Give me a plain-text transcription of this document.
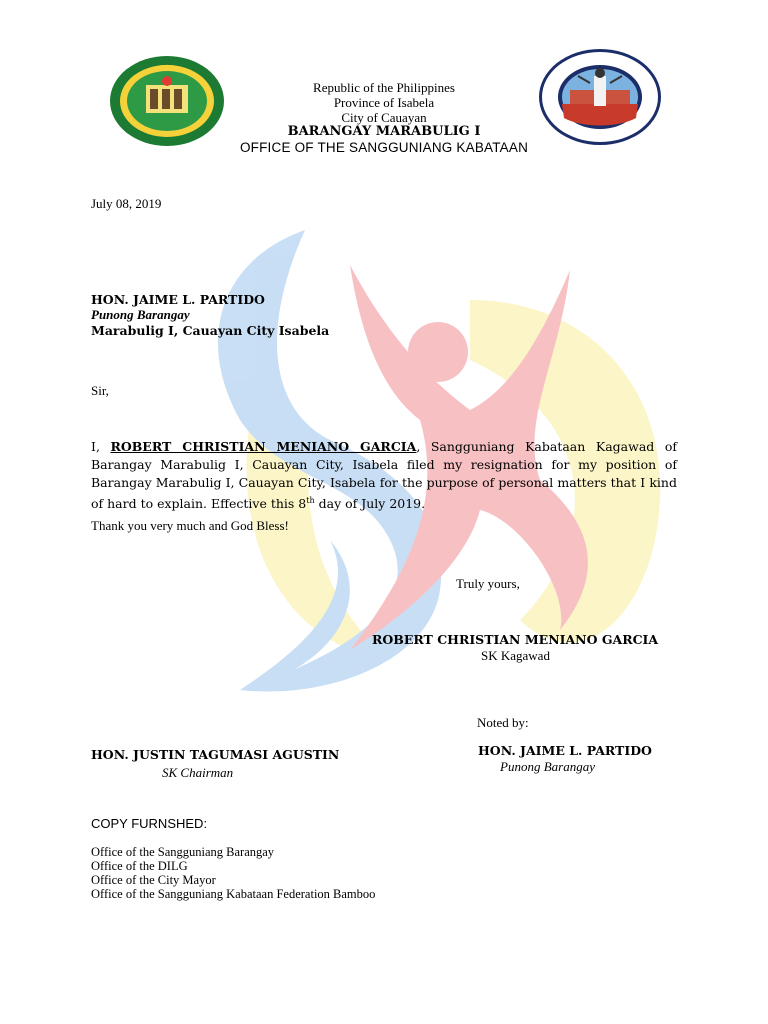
Republic of the Philippines
Province of Isabela
City of Cauayan
BARANGAY MARABULIG I
OFFICE OF THE SANGGUNIANG KABATAAN
July 08, 2019
HON. JAIME L. PARTIDO
Punong Barangay
Marabulig I, Cauayan City Isabela
Sir,
I, ROBERT CHRISTIAN MENIANO GARCIA, Sangguniang Kabataan Kagawad of Barangay Marabulig I, Cauayan City, Isabela filed my resignation for my position of Barangay Marabulig I, Cauayan City, Isabela for the purpose of personal matters that I kind of hard to explain. Effective this 8th day of July 2019.
Thank you very much and God Bless!
Truly yours,
ROBERT CHRISTIAN MENIANO GARCIA
SK Kagawad
Noted by:
HON. JUSTIN TAGUMASI AGUSTIN
SK Chairman
HON. JAIME L. PARTIDO
Punong Barangay
COPY FURNSHED:
Office of the Sangguniang Barangay
Office of the DILG
Office of the City Mayor
Office of the Sangguniang Kabataan Federation Bamboo
